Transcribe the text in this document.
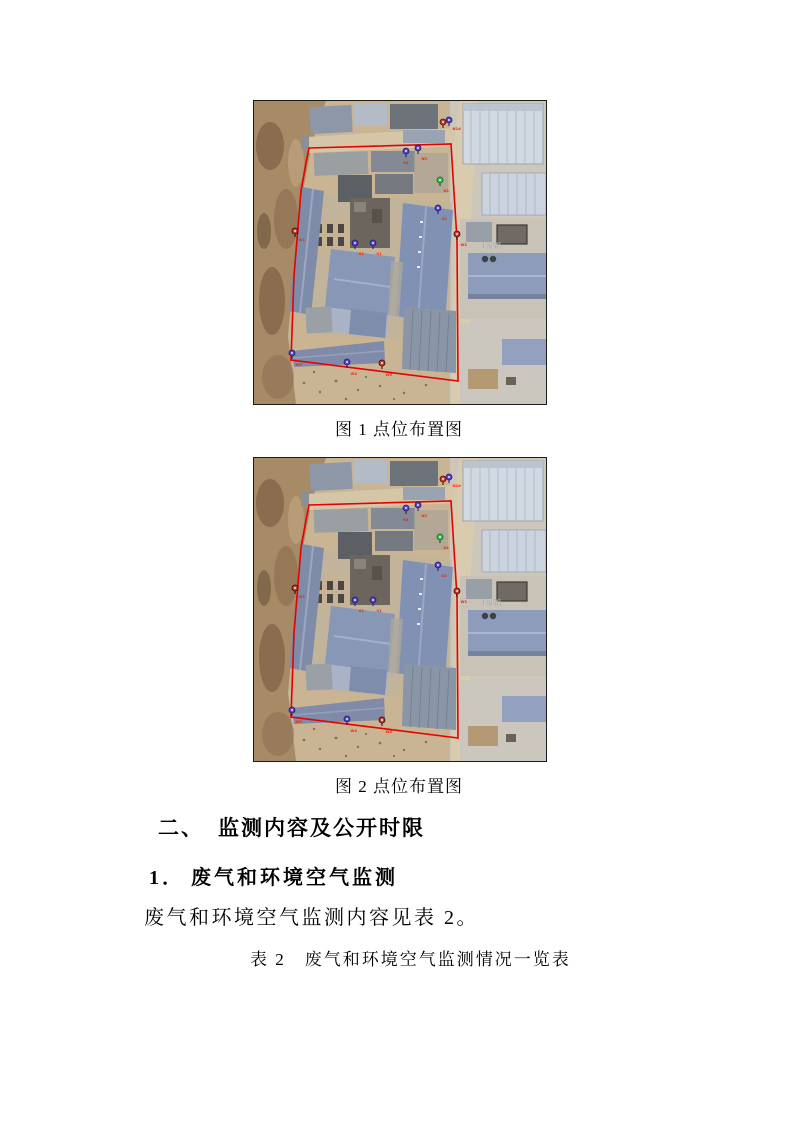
图 1 点位布置图
图 2 点位布置图
二、 监测内容及公开时限
1． 废气和环境空气监测
废气和环境空气监测内容见表 2。
表 2　废气和环境空气监测情况一览表
